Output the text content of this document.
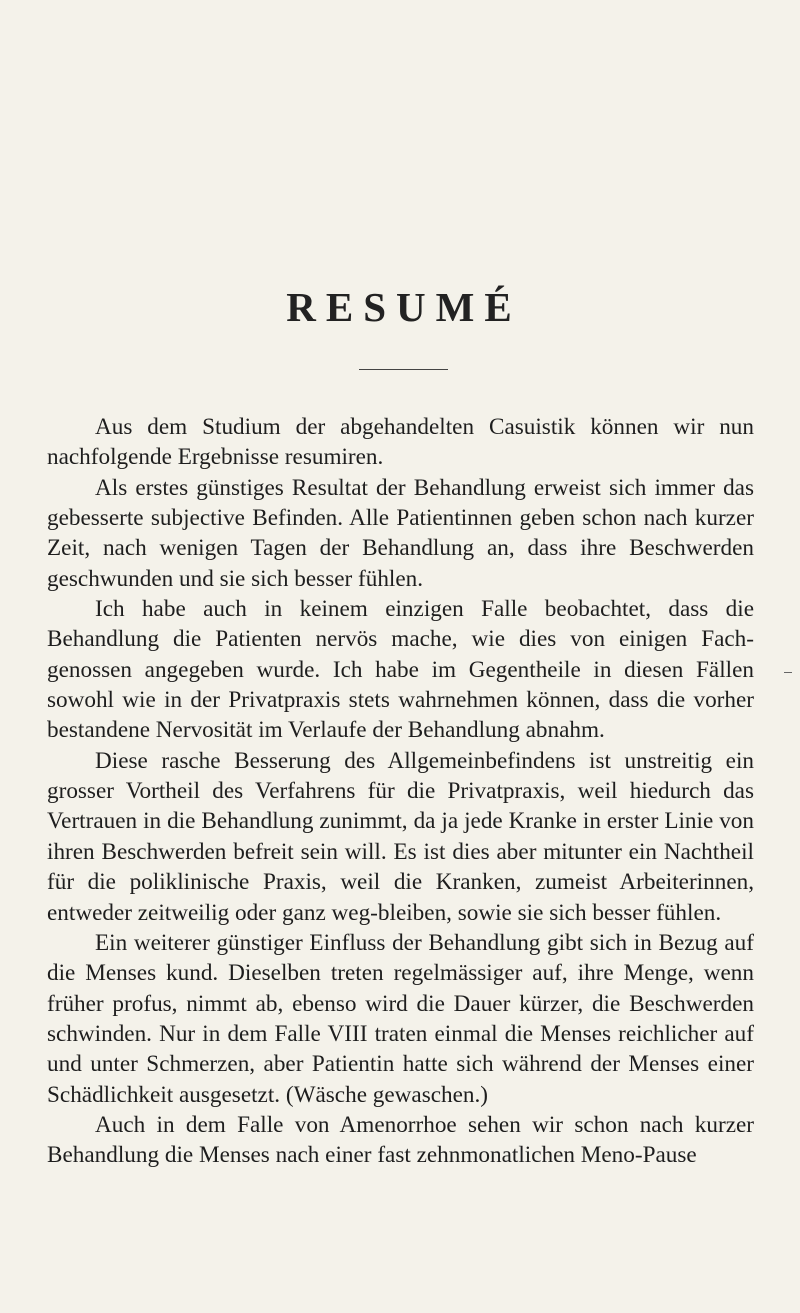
RESUMÉ

Aus dem Studium der abgehandelten Casuistik können wir nun nachfolgende Ergebnisse resumiren.

Als erstes günstiges Resultat der Behandlung erweist sich immer das gebesserte subjective Befinden. Alle Patientinnen geben schon nach kurzer Zeit, nach wenigen Tagen der Behandlung an, dass ihre Beschwerden geschwunden und sie sich besser fühlen.

Ich habe auch in keinem einzigen Falle beobachtet, dass die Behandlung die Patienten nervös mache, wie dies von einigen Fach-genossen angegeben wurde. Ich habe im Gegentheile in diesen Fällen sowohl wie in der Privatpraxis stets wahrnehmen können, dass die vorher bestandene Nervosität im Verlaufe der Behandlung abnahm.

Diese rasche Besserung des Allgemeinbefindens ist unstreitig ein grosser Vortheil des Verfahrens für die Privatpraxis, weil hiedurch das Vertrauen in die Behandlung zunimmt, da ja jede Kranke in erster Linie von ihren Beschwerden befreit sein will. Es ist dies aber mitunter ein Nachtheil für die poliklinische Praxis, weil die Kranken, zumeist Arbeiterinnen, entweder zeitweilig oder ganz weg-bleiben, sowie sie sich besser fühlen.

Ein weiterer günstiger Einfluss der Behandlung gibt sich in Bezug auf die Menses kund. Dieselben treten regelmässiger auf, ihre Menge, wenn früher profus, nimmt ab, ebenso wird die Dauer kürzer, die Beschwerden schwinden. Nur in dem Falle VIII traten einmal die Menses reichlicher auf und unter Schmerzen, aber Patientin hatte sich während der Menses einer Schädlichkeit ausgesetzt. (Wäsche gewaschen.)

Auch in dem Falle von Amenorrhoe sehen wir schon nach kurzer Behandlung die Menses nach einer fast zehnmonatlichen Meno-Pause
